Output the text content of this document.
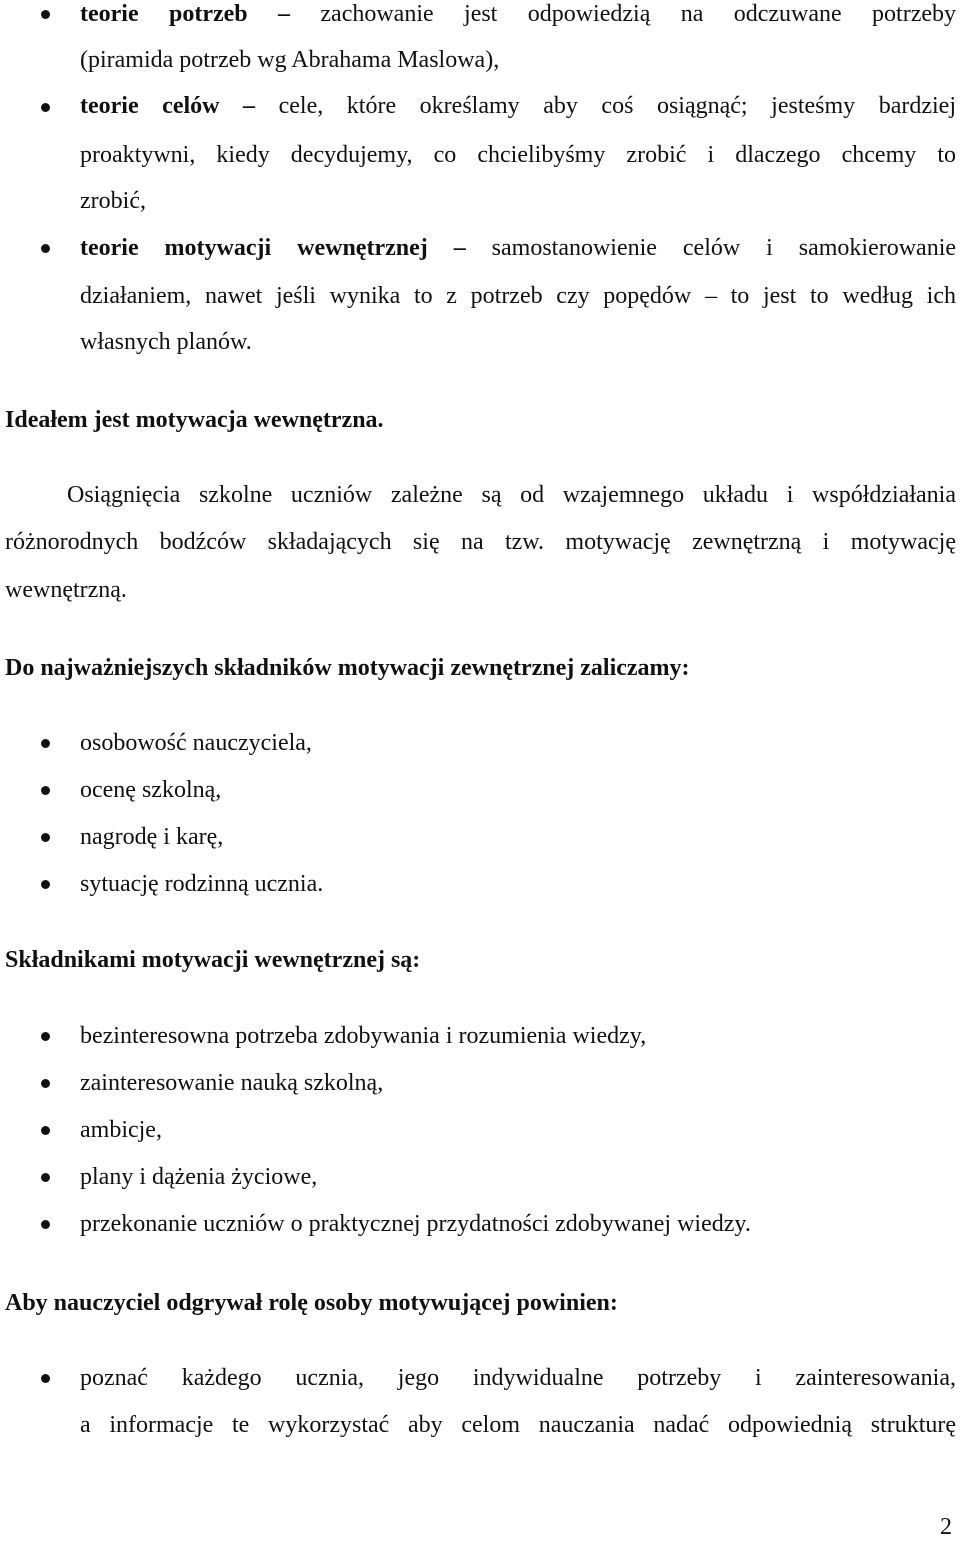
teorie potrzeb – zachowanie jest odpowiedzią na odczuwane potrzeby
(piramida potrzeb wg Abrahama Maslowa),
teorie celów – cele, które określamy aby coś osiągnąć; jesteśmy bardziej
proaktywni, kiedy decydujemy, co chcielibyśmy zrobić i dlaczego chcemy to
zrobić,
teorie motywacji wewnętrznej – samostanowienie celów i samokierowanie
działaniem, nawet jeśli wynika to z potrzeb czy popędów – to jest to według ich
własnych planów.
Ideałem jest motywacja wewnętrzna.
Osiągnięcia szkolne uczniów zależne są od wzajemnego układu i współdziałania
różnorodnych bodźców składających się na tzw. motywację zewnętrzną i motywację
wewnętrzną.
Do najważniejszych składników motywacji zewnętrznej zaliczamy:
osobowość nauczyciela,
ocenę szkolną,
nagrodę i karę,
sytuację rodzinną ucznia.
Składnikami motywacji wewnętrznej są:
bezinteresowna potrzeba zdobywania i rozumienia wiedzy,
zainteresowanie nauką szkolną,
ambicje,
plany i dążenia życiowe,
przekonanie uczniów o praktycznej przydatności zdobywanej wiedzy.
Aby nauczyciel odgrywał rolę osoby motywującej powinien:
poznać każdego ucznia, jego indywidualne potrzeby i zainteresowania,
a informacje te wykorzystać aby celom nauczania nadać odpowiednią strukturę
2
